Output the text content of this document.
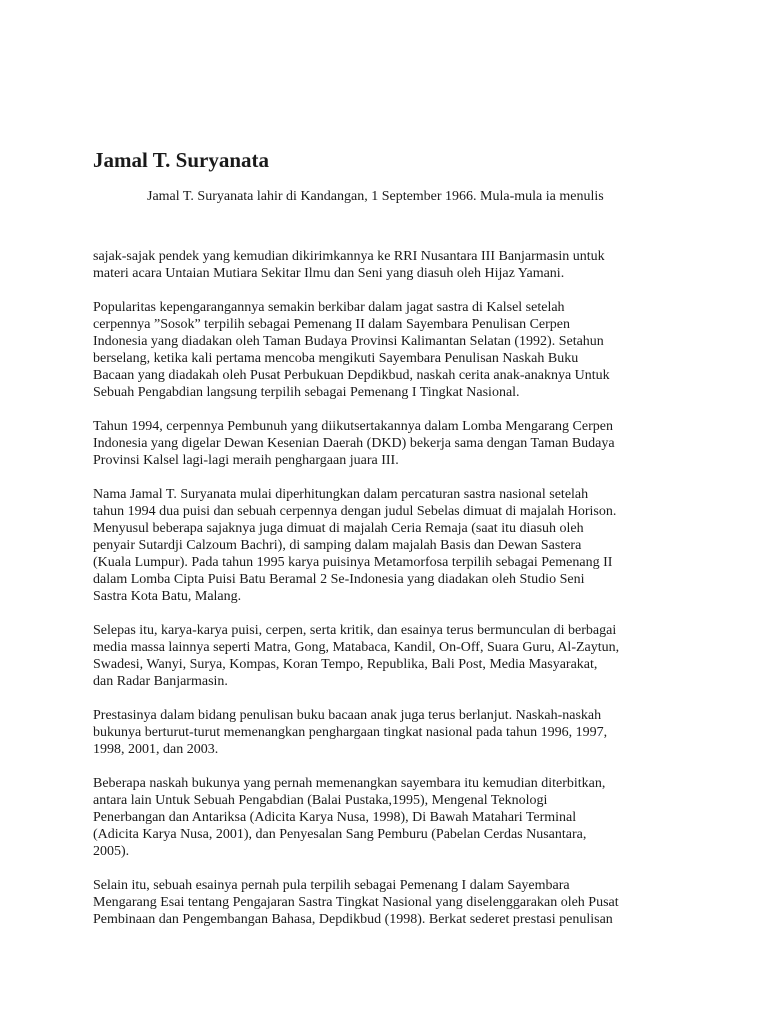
Jamal T. Suryanata

Jamal T. Suryanata lahir di Kandangan, 1 September 1966. Mula-mula ia menulis

sajak-sajak pendek yang kemudian dikirimkannya ke RRI Nusantara III Banjarmasin untuk
materi acara Untaian Mutiara Sekitar Ilmu dan Seni yang diasuh oleh Hijaz Yamani.

Popularitas kepengarangannya semakin berkibar dalam jagat sastra di Kalsel setelah
cerpennya ”Sosok” terpilih sebagai Pemenang II dalam Sayembara Penulisan Cerpen
Indonesia yang diadakan oleh Taman Budaya Provinsi Kalimantan Selatan (1992). Setahun
berselang, ketika kali pertama mencoba mengikuti Sayembara Penulisan Naskah Buku
Bacaan yang diadakah oleh Pusat Perbukuan Depdikbud, naskah cerita anak-anaknya Untuk
Sebuah Pengabdian langsung terpilih sebagai Pemenang I Tingkat Nasional.

Tahun 1994, cerpennya Pembunuh yang diikutsertakannya dalam Lomba Mengarang Cerpen
Indonesia yang digelar Dewan Kesenian Daerah (DKD) bekerja sama dengan Taman Budaya
Provinsi Kalsel lagi-lagi meraih penghargaan juara III.

Nama Jamal T. Suryanata mulai diperhitungkan dalam percaturan sastra nasional setelah
tahun 1994 dua puisi dan sebuah cerpennya dengan judul Sebelas dimuat di majalah Horison.
Menyusul beberapa sajaknya juga dimuat di majalah Ceria Remaja (saat itu diasuh oleh
penyair Sutardji Calzoum Bachri), di samping dalam majalah Basis dan Dewan Sastera
(Kuala Lumpur). Pada tahun 1995 karya puisinya Metamorfosa terpilih sebagai Pemenang II
dalam Lomba Cipta Puisi Batu Beramal 2 Se-Indonesia yang diadakan oleh Studio Seni
Sastra Kota Batu, Malang.

Selepas itu, karya-karya puisi, cerpen, serta kritik, dan esainya terus bermunculan di berbagai
media massa lainnya seperti Matra, Gong, Matabaca, Kandil, On-Off, Suara Guru, Al-Zaytun,
Swadesi, Wanyi, Surya, Kompas, Koran Tempo, Republika, Bali Post, Media Masyarakat,
dan Radar Banjarmasin.

Prestasinya dalam bidang penulisan buku bacaan anak juga terus berlanjut. Naskah-naskah
bukunya berturut-turut memenangkan penghargaan tingkat nasional pada tahun 1996, 1997,
1998, 2001, dan 2003.

Beberapa naskah bukunya yang pernah memenangkan sayembara itu kemudian diterbitkan,
antara lain Untuk Sebuah Pengabdian (Balai Pustaka,1995), Mengenal Teknologi
Penerbangan dan Antariksa (Adicita Karya Nusa, 1998), Di Bawah Matahari Terminal
(Adicita Karya Nusa, 2001), dan Penyesalan Sang Pemburu (Pabelan Cerdas Nusantara,
2005).

Selain itu, sebuah esainya pernah pula terpilih sebagai Pemenang I dalam Sayembara
Mengarang Esai tentang Pengajaran Sastra Tingkat Nasional yang diselenggarakan oleh Pusat
Pembinaan dan Pengembangan Bahasa, Depdikbud (1998). Berkat sederet prestasi penulisan
